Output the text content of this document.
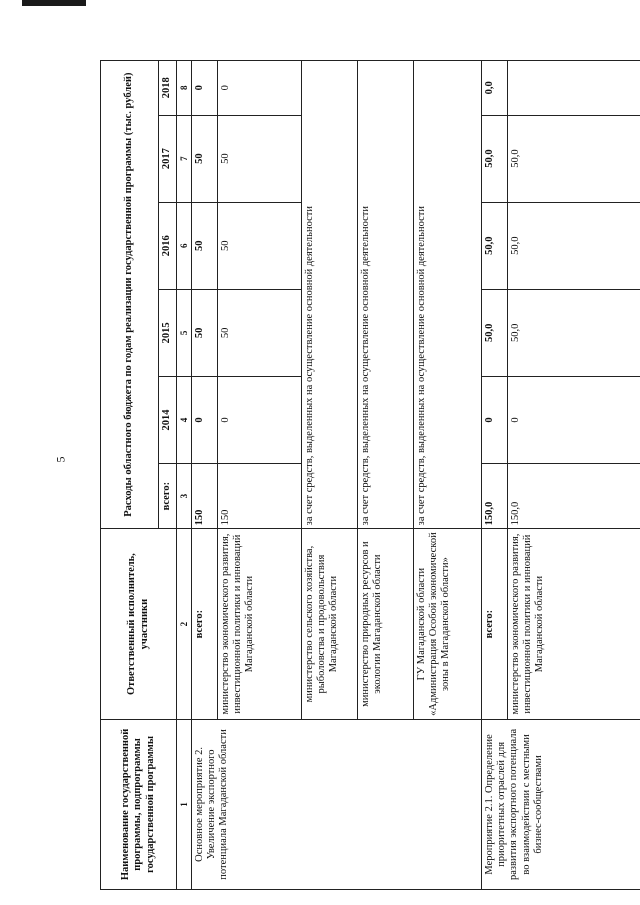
5
Наименование государственной программы, подпрограммы государственной программы	Ответственный исполнитель, участники	Расходы областного бюджета по годам реализации государственной программы (тыс. рублей)					
		всего:	2014	2015	2016	2017	2018
1	2	3	4	5	6	7	8
Основное мероприятие 2. Увеличение экспортного потенциала Магаданской области	всего:	150	0	50	50	50	0
	министерство экономического развития, инвестиционной политики и инноваций Магаданской области	150	0	50	50	50	0
	министерство сельского хозяйства, рыболовства и продовольствия Магаданской области	за счет средств, выделенных на осуществление основной деятельности					
	министерство природных ресурсов и экологии Магаданской области	за счет средств, выделенных на осуществление основной деятельности					
	ГУ Магаданской области «Администрация Особой экономической зоны в Магаданской области»	за счет средств, выделенных на осуществление основной деятельности					
Мероприятие 2.1. Определение приоритетных отраслей для развития экспортного потенциала во взаимодействии с местными бизнес-сообществами	всего:	150,0	0	50,0	50,0	50,0	0,0
	министерство экономического развития, инвестиционной политики и инноваций Магаданской области	150,0	0	50,0	50,0	50,0	
